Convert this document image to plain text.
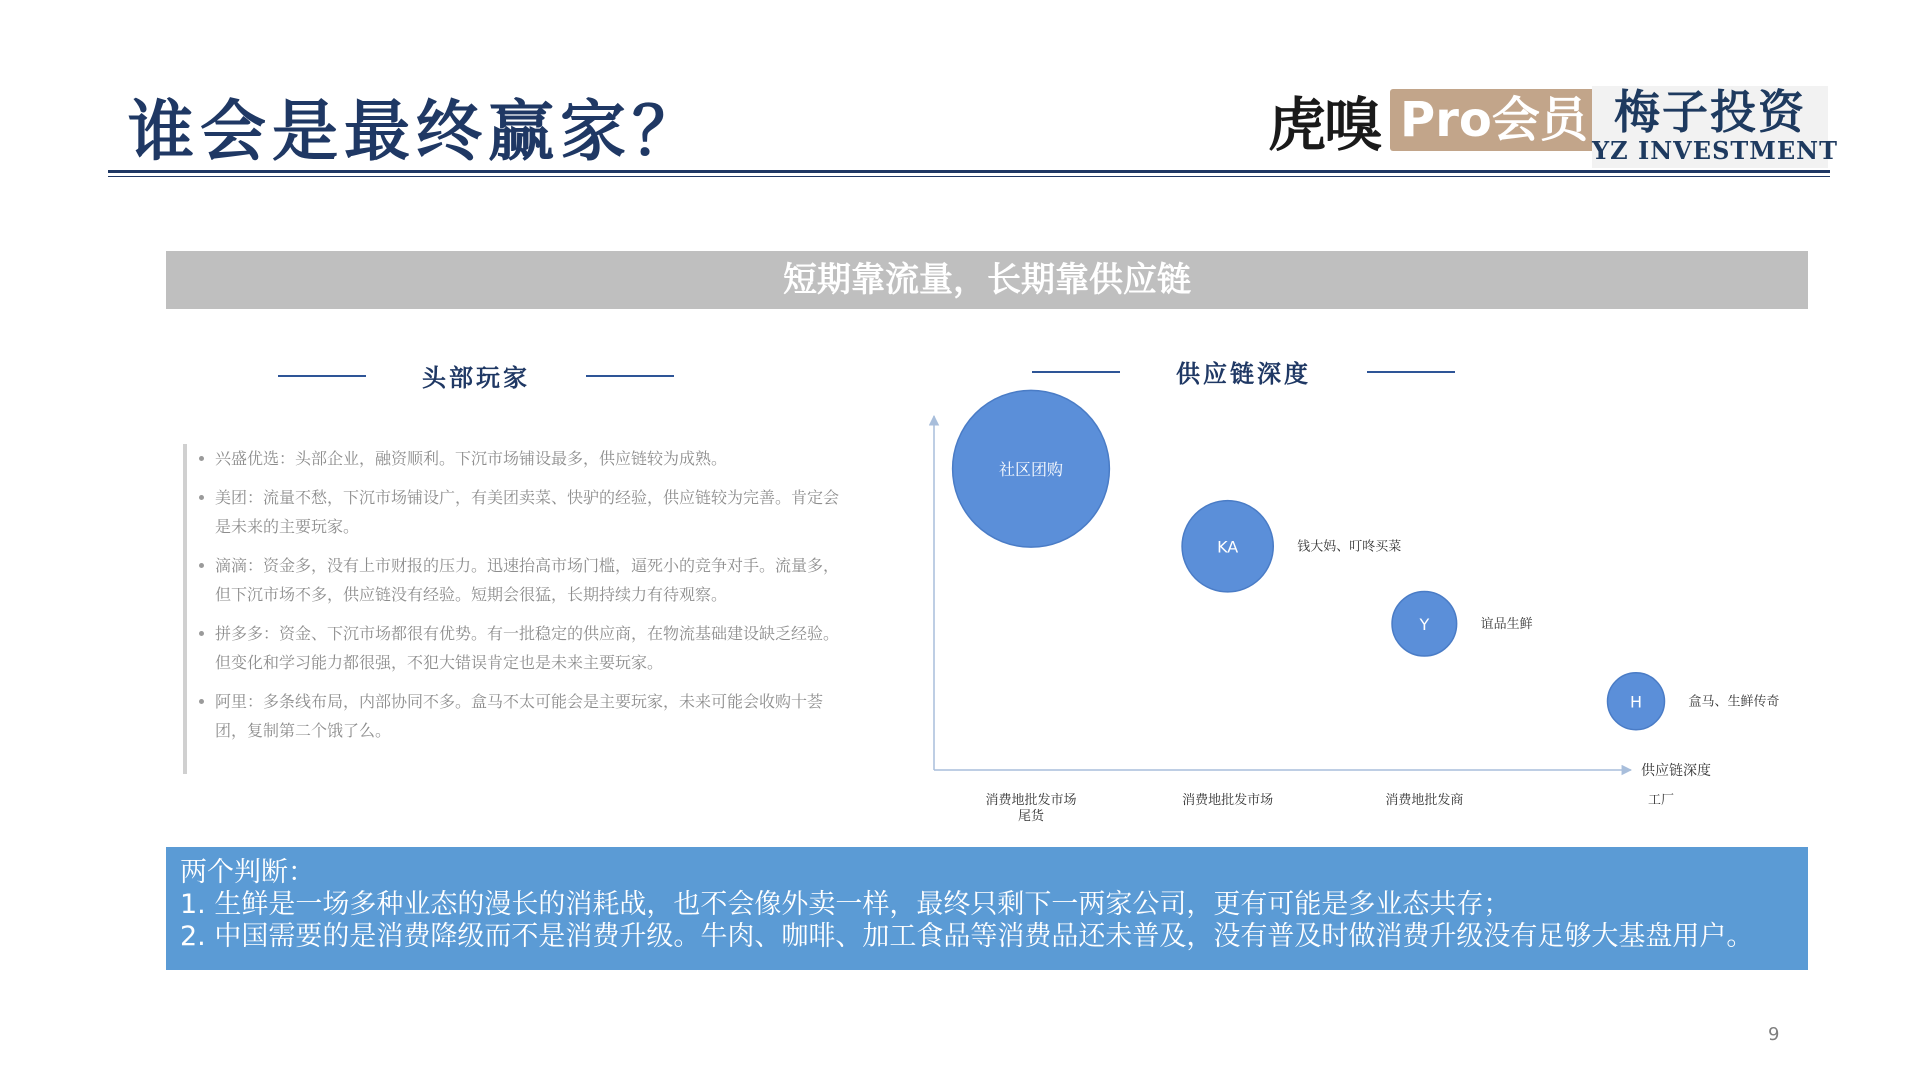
谁会是最终赢家？	虎嗅 Pro会员 梅子投资
YZ INVESTMENT
短期靠流量，长期靠供应链
头部玩家
兴盛优选：头部企业，融资顺利。下沉市场铺设最多，供应链较为成熟。
美团：流量不愁，下沉市场铺设广，有美团卖菜、快驴的经验，供应链较为完善。肯定会是未来的主要玩家。
滴滴：资金多，没有上市财报的压力。迅速抬高市场门槛，逼死小的竞争对手。流量多，但下沉市场不多，供应链没有经验。短期会很猛，长期持续力有待观察。
拼多多：资金、下沉市场都很有优势。有一批稳定的供应商，在物流基础建设缺乏经验。但变化和学习能力都很强，不犯大错误肯定也是未来主要玩家。
阿里：多条线布局，内部协同不多。盒马不太可能会是主要玩家，未来可能会收购十荟团，复制第二个饿了么。
供应链深度
供应链深度
消费地批发市场
尾货
消费地批发市场	消费地批发商	工厂
社区团购
KA	钱大妈、叮咚买菜
Y	谊品生鲜
H	盒马、生鲜传奇
两个判断：
1. 生鲜是一场多种业态的漫长的消耗战，也不会像外卖一样，最终只剩下一两家公司，更有可能是多业态共存；
2. 中国需要的是消费降级而不是消费升级。牛肉、咖啡、加工食品等消费品还未普及，没有普及时做消费升级没有足够大基盘用户。
9
